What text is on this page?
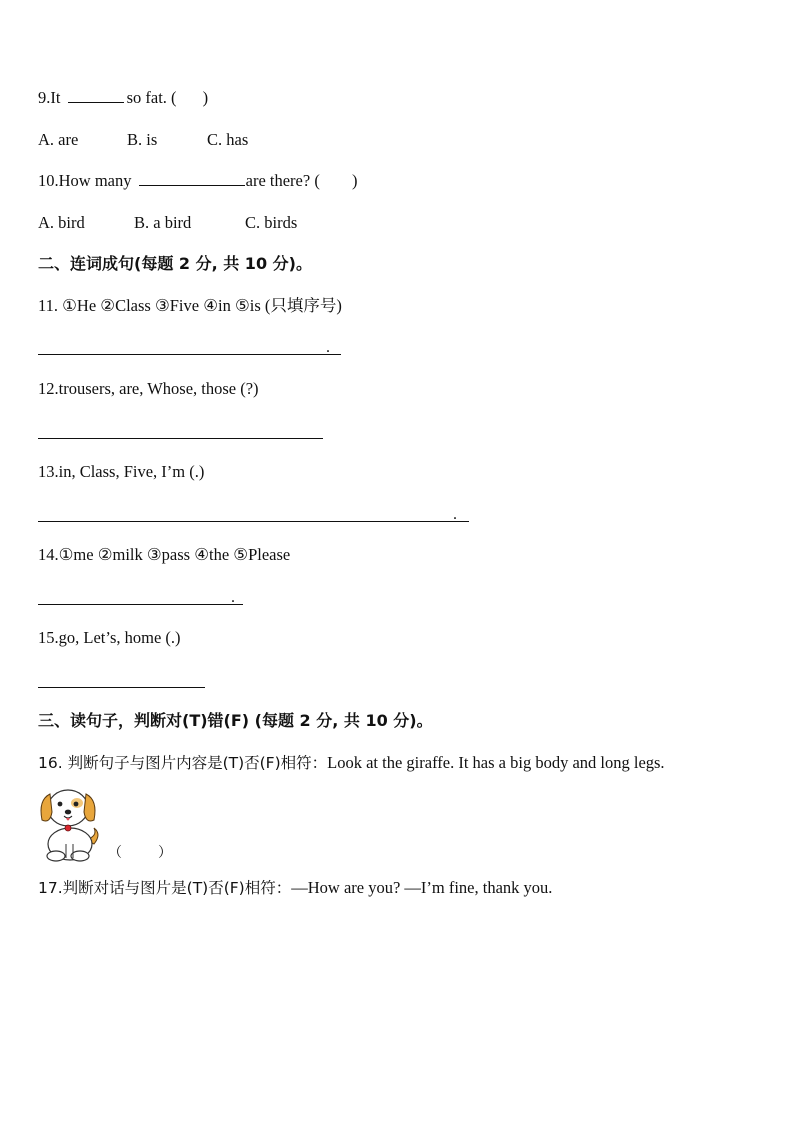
9.It	so fat. ( )
A. are	B. is	C. has
10.How many	are there? ( )
A. bird	B. a bird	C. birds
二、连词成句(每题 2 分, 共 10 分)。
11. ①He ②Class ③Five ④in ⑤is (只填序号)
.
12.trousers, are, Whose, those (?)
13.in, Class, Five, I’m (.)
.
14.①me ②milk ③pass ④the ⑤Please
.
15.go, Let’s, home (.)
三、读句子，判断对(T)错(F) (每题 2 分, 共 10 分)。
16. 判断句子与图片内容是(T)否(F)相符：Look at the giraffe. It has a big body and long legs.
（	）
17.判断对话与图片是(T)否(F)相符：—How are you? —I’m fine, thank you.
